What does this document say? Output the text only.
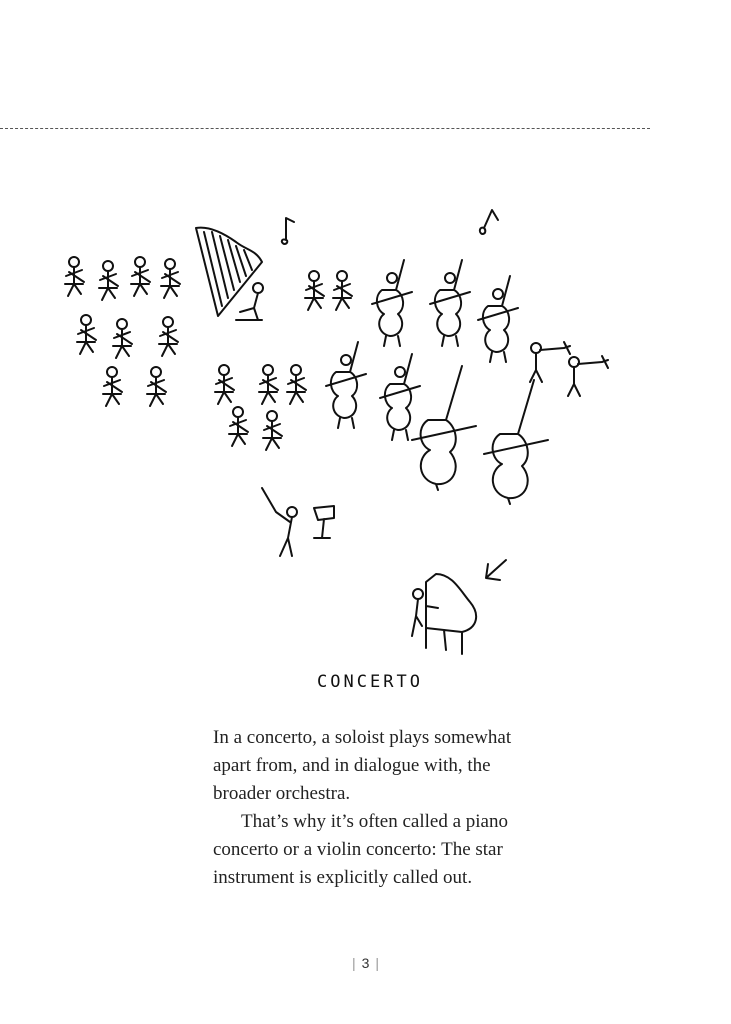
CONCERTO

In a concerto, a soloist plays somewhat apart from, and in dialogue with, the broader orchestra.

That’s why it’s often called a piano concerto or a violin concerto: The star instrument is explicitly called out.

| 3 |
